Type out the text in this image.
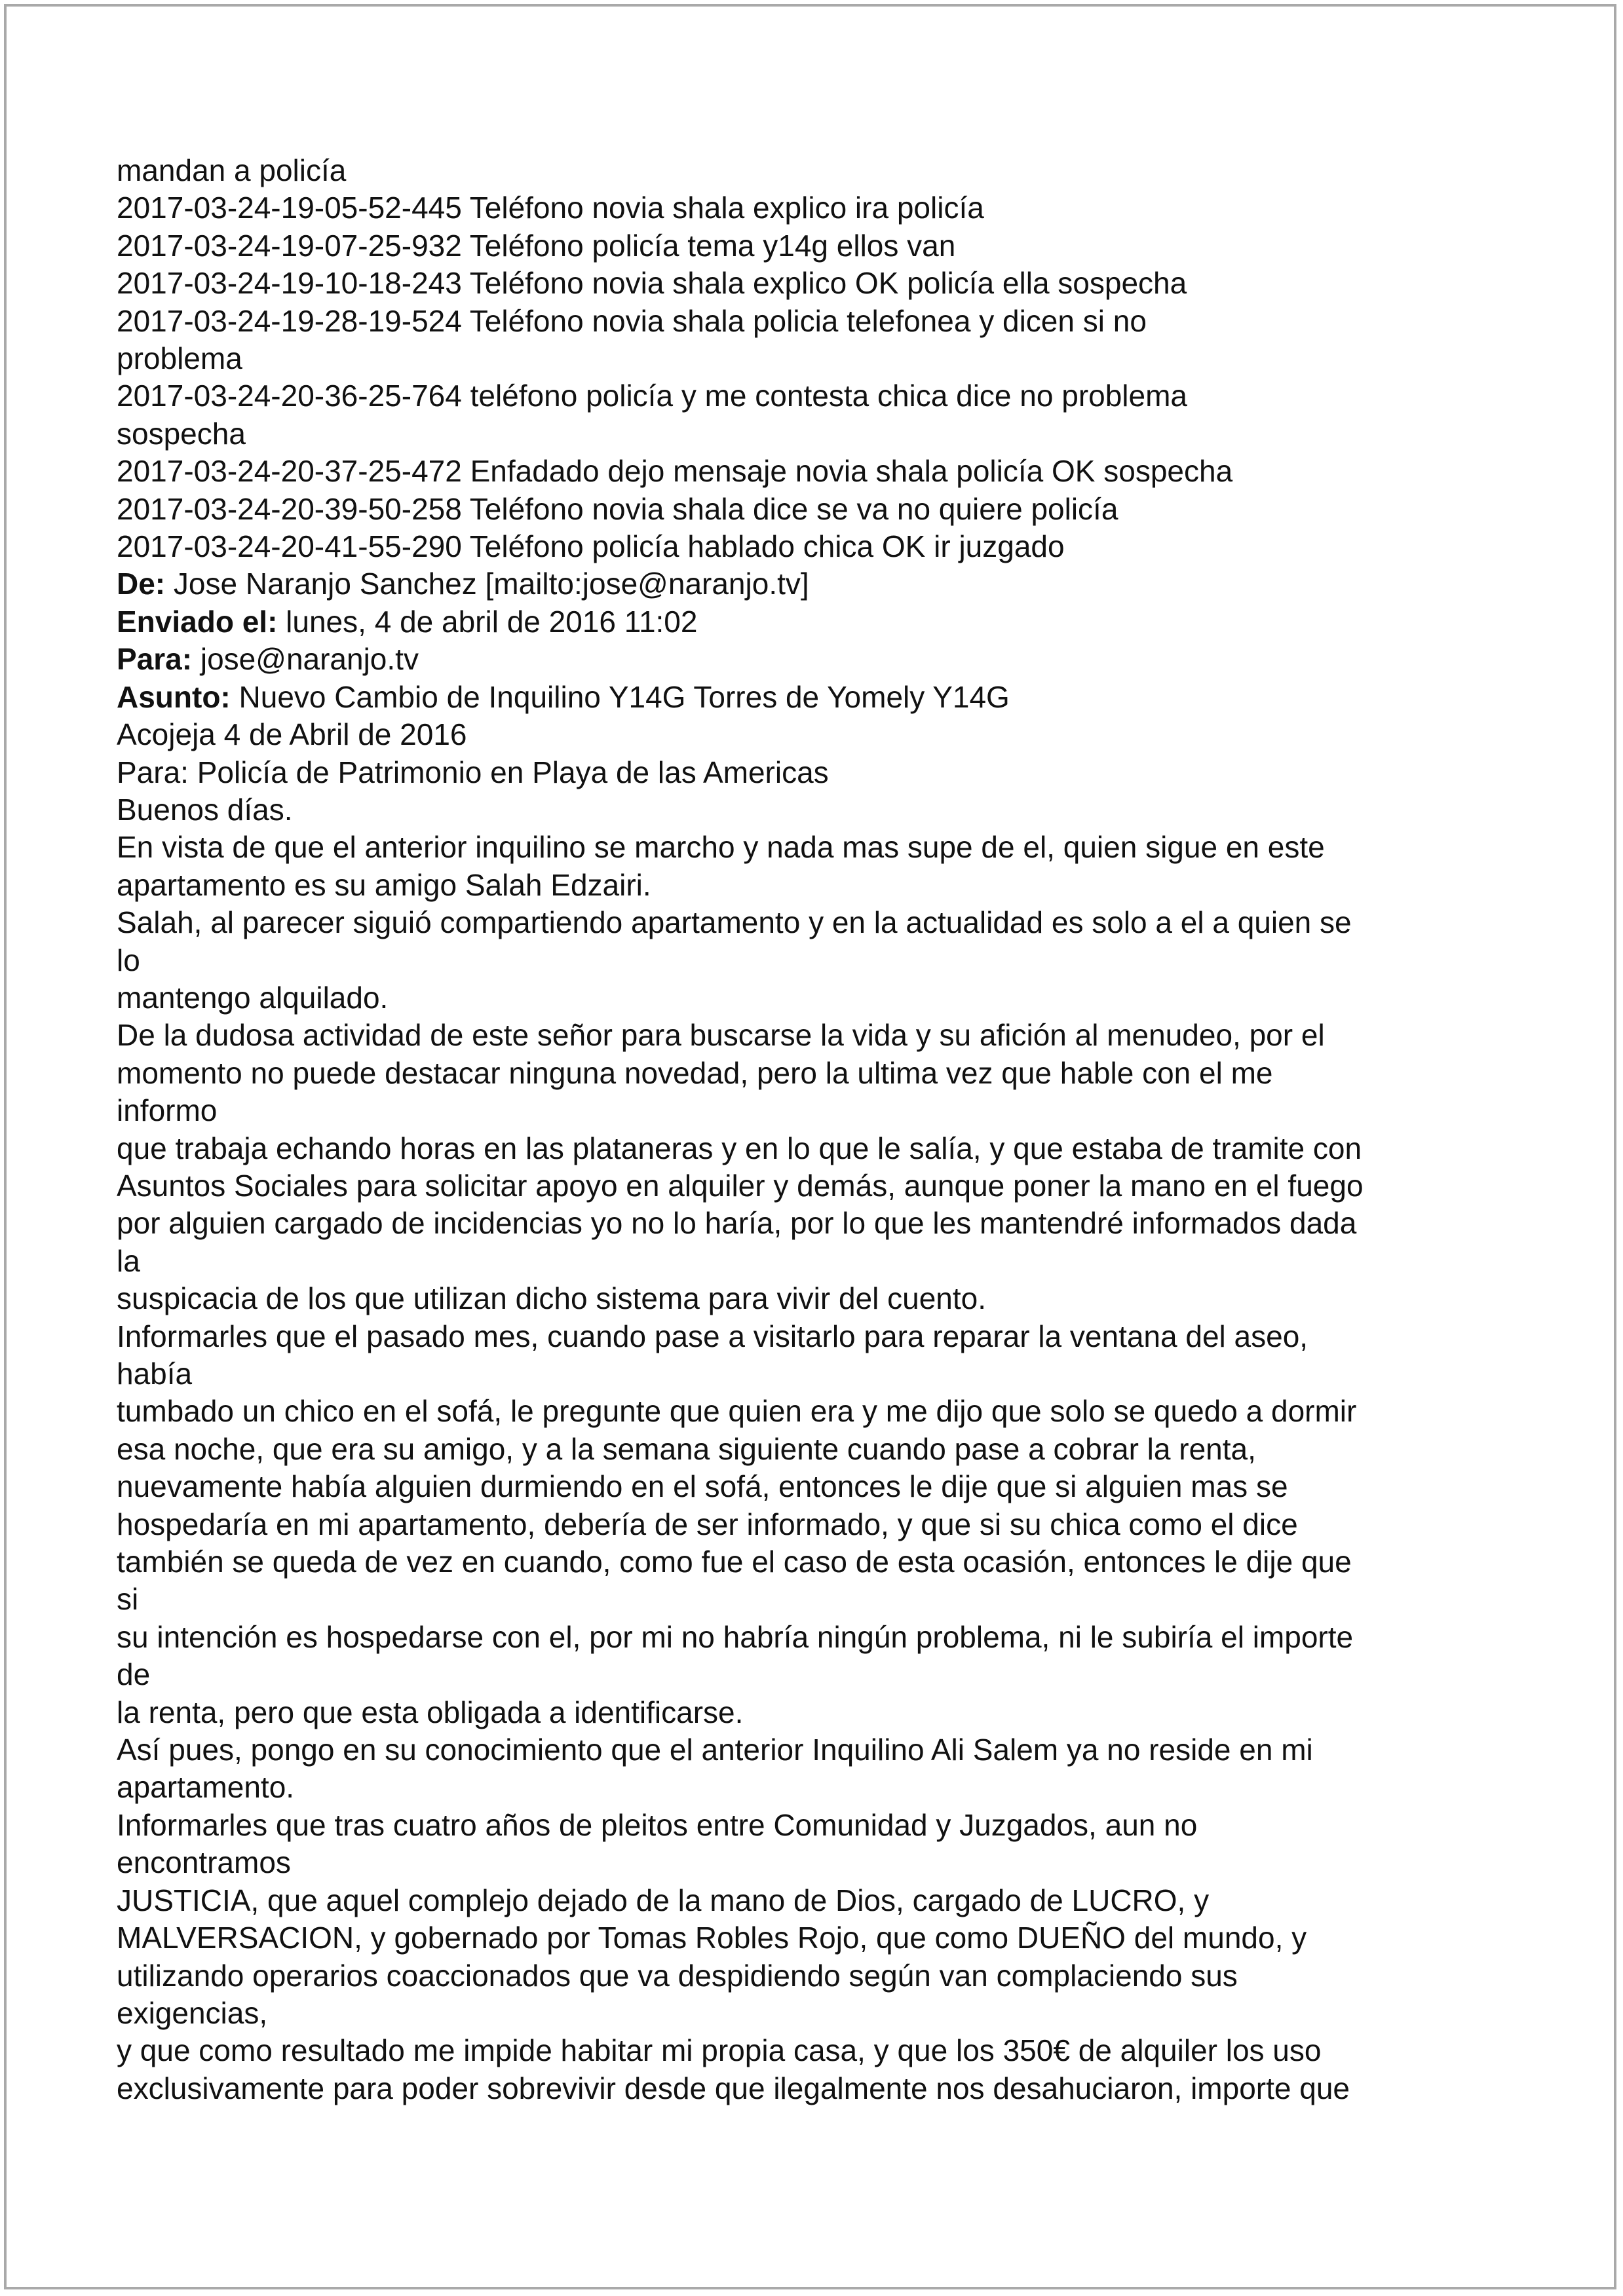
mandan a policía
2017-03-24-19-05-52-445 Teléfono novia shala explico ira policía
2017-03-24-19-07-25-932 Teléfono policía tema y14g ellos van
2017-03-24-19-10-18-243 Teléfono novia shala explico OK policía ella sospecha
2017-03-24-19-28-19-524 Teléfono novia shala policia telefonea y dicen si no
problema
2017-03-24-20-36-25-764 teléfono policía y me contesta chica dice no problema
sospecha
2017-03-24-20-37-25-472 Enfadado dejo mensaje novia shala policía OK sospecha
2017-03-24-20-39-50-258 Teléfono novia shala dice se va no quiere policía
2017-03-24-20-41-55-290 Teléfono policía hablado chica OK ir juzgado
De: Jose Naranjo Sanchez [mailto:jose@naranjo.tv]
Enviado el: lunes, 4 de abril de 2016 11:02
Para: jose@naranjo.tv
Asunto: Nuevo Cambio de Inquilino Y14G Torres de Yomely Y14G
Acojeja 4 de Abril de 2016
Para: Policía de Patrimonio en Playa de las Americas
Buenos días.
En vista de que el anterior inquilino se marcho y nada mas supe de el, quien sigue en este
apartamento es su amigo Salah Edzairi.
Salah, al parecer siguió compartiendo apartamento y en la actualidad es solo a el a quien se
lo
mantengo alquilado.
De la dudosa actividad de este señor para buscarse la vida y su afición al menudeo, por el
momento no puede destacar ninguna novedad, pero la ultima vez que hable con el me
informo
que trabaja echando horas en las plataneras y en lo que le salía, y que estaba de tramite con
Asuntos Sociales para solicitar apoyo en alquiler y demás, aunque poner la mano en el fuego
por alguien cargado de incidencias yo no lo haría, por lo que les mantendré informados dada
la
suspicacia de los que utilizan dicho sistema para vivir del cuento.
Informarles que el pasado mes, cuando pase a visitarlo para reparar la ventana del aseo,
había
tumbado un chico en el sofá, le pregunte que quien era y me dijo que solo se quedo a dormir
esa noche, que era su amigo, y a la semana siguiente cuando pase a cobrar la renta,
nuevamente había alguien durmiendo en el sofá, entonces le dije que si alguien mas se
hospedaría en mi apartamento, debería de ser informado, y que si su chica como el dice
también se queda de vez en cuando, como fue el caso de esta ocasión, entonces le dije que
si
su intención es hospedarse con el, por mi no habría ningún problema, ni le subiría el importe
de
la renta, pero que esta obligada a identificarse.
Así pues, pongo en su conocimiento que el anterior Inquilino Ali Salem ya no reside en mi
apartamento.
Informarles que tras cuatro años de pleitos entre Comunidad y Juzgados, aun no
encontramos
JUSTICIA, que aquel complejo dejado de la mano de Dios, cargado de LUCRO, y
MALVERSACION, y gobernado por Tomas Robles Rojo, que como DUEÑO del mundo, y
utilizando operarios coaccionados que va despidiendo según van complaciendo sus
exigencias,
y que como resultado me impide habitar mi propia casa, y que los 350€ de alquiler los uso
exclusivamente para poder sobrevivir desde que ilegalmente nos desahuciaron, importe que
